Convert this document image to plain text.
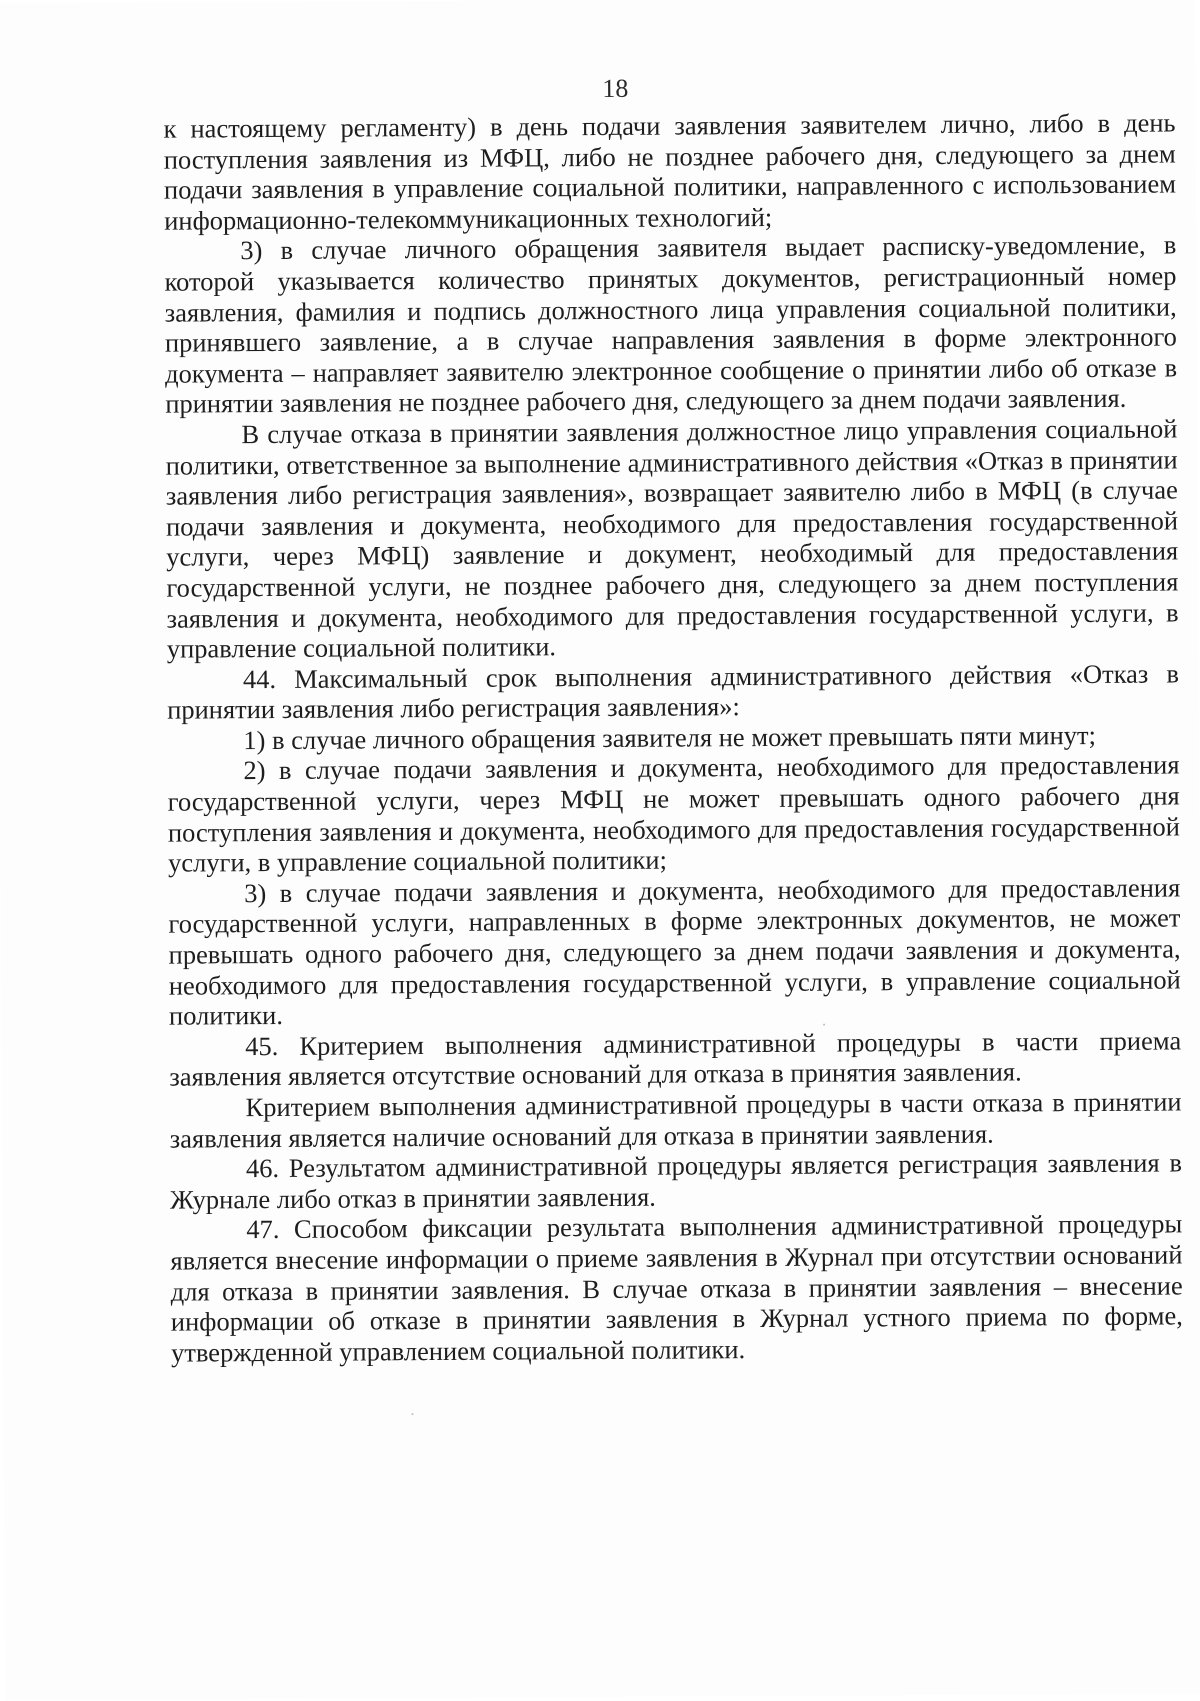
18

к настоящему регламенту) в день подачи заявления заявителем лично, либо в день поступления заявления из МФЦ, либо не позднее рабочего дня, следующего за днем подачи заявления в управление социальной политики, направленного с использованием информационно-телекоммуникационных технологий;

3) в случае личного обращения заявителя выдает расписку-уведомление, в которой указывается количество принятых документов, регистрационный номер заявления, фамилия и подпись должностного лица управления социальной политики, принявшего заявление, а в случае направления заявления в форме электронного документа – направляет заявителю электронное сообщение о принятии либо об отказе в принятии заявления не позднее рабочего дня, следующего за днем подачи заявления.

В случае отказа в принятии заявления должностное лицо управления социальной политики, ответственное за выполнение административного действия «Отказ в принятии заявления либо регистрация заявления», возвращает заявителю либо в МФЦ (в случае подачи заявления и документа, необходимого для предоставления государственной услуги, через МФЦ) заявление и документ, необходимый для предоставления государственной услуги, не позднее рабочего дня, следующего за днем поступления заявления и документа, необходимого для предоставления государственной услуги, в управление социальной политики.

44. Максимальный срок выполнения административного действия «Отказ в принятии заявления либо регистрация заявления»:

1) в случае личного обращения заявителя не может превышать пяти минут;

2) в случае подачи заявления и документа, необходимого для предоставления государственной услуги, через МФЦ не может превышать одного рабочего дня поступления заявления и документа, необходимого для предоставления государственной услуги, в управление социальной политики;

3) в случае подачи заявления и документа, необходимого для предоставления государственной услуги, направленных в форме электронных документов, не может превышать одного рабочего дня, следующего за днем подачи заявления и документа, необходимого для предоставления государственной услуги, в управление социальной политики.

45. Критерием выполнения административной процедуры в части приема заявления является отсутствие оснований для отказа в принятия заявления.

Критерием выполнения административной процедуры в части отказа в принятии заявления является наличие оснований для отказа в принятии заявления.

46. Результатом административной процедуры является регистрация заявления в Журнале либо отказ в принятии заявления.

47. Способом фиксации результата выполнения административной процедуры является внесение информации о приеме заявления в Журнал при отсутствии оснований для отказа в принятии заявления. В случае отказа в принятии заявления – внесение информации об отказе в принятии заявления в Журнал устного приема по форме, утвержденной управлением социальной политики.
